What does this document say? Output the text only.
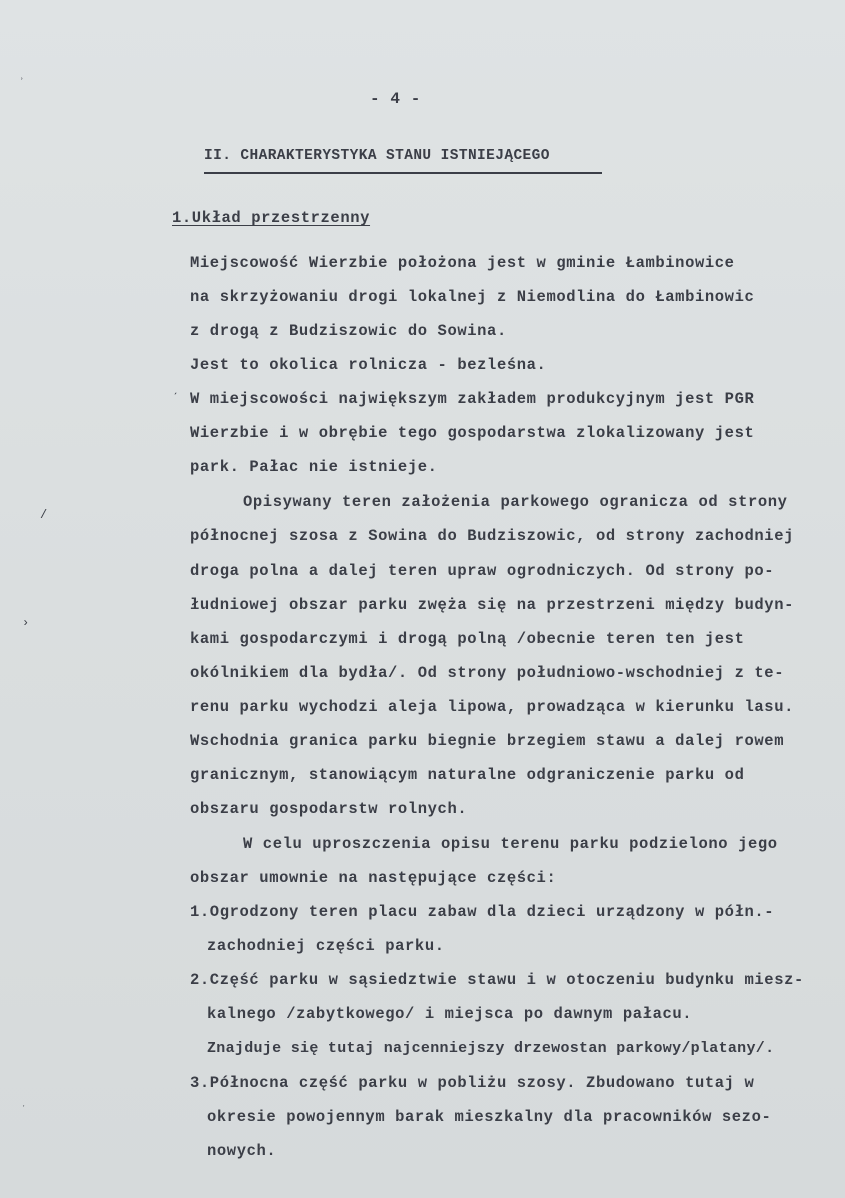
- 4 -
II. CHARAKTERYSTYKA STANU ISTNIEJĄCEGO
1.Układ przestrzenny
Miejscowość Wierzbie położona jest w gminie Łambinowice
na skrzyżowaniu drogi lokalnej z Niemodlina do Łambinowic
z drogą z Budziszowic do Sowina.
Jest to okolica rolnicza - bezleśna.
W miejscowości największym zakładem produkcyjnym jest PGR
Wierzbie i w obrębie tego gospodarstwa zlokalizowany jest
park. Pałac nie istnieje.
Opisywany teren założenia parkowego ogranicza od strony
północnej szosa z Sowina do Budziszowic, od strony zachodniej
droga polna a dalej teren upraw ogrodniczych. Od strony po-
łudniowej obszar parku zwęża się na przestrzeni między budyn-
kami gospodarczymi i drogą polną /obecnie teren ten jest
okólnikiem dla bydła/. Od strony południowo-wschodniej z te-
renu parku wychodzi aleja lipowa, prowadząca w kierunku lasu.
Wschodnia granica parku biegnie brzegiem stawu a dalej rowem
granicznym, stanowiącym naturalne odgraniczenie parku od
obszaru gospodarstw rolnych.
W celu uproszczenia opisu terenu parku podzielono jego
obszar umownie na następujące części:
1.Ogrodzony teren placu zabaw dla dzieci urządzony w półn.-
zachodniej części parku.
2.Część parku w sąsiedztwie stawu i w otoczeniu budynku miesz-
kalnego /zabytkowego/ i miejsca po dawnym pałacu.
Znajduje się tutaj najcenniejszy drzewostan parkowy/platany/.
3.Północna część parku w pobliżu szosy. Zbudowano tutaj w
okresie powojennym barak mieszkalny dla pracowników sezo-
nowych.
˒
ˏ
/
›
ˑ
